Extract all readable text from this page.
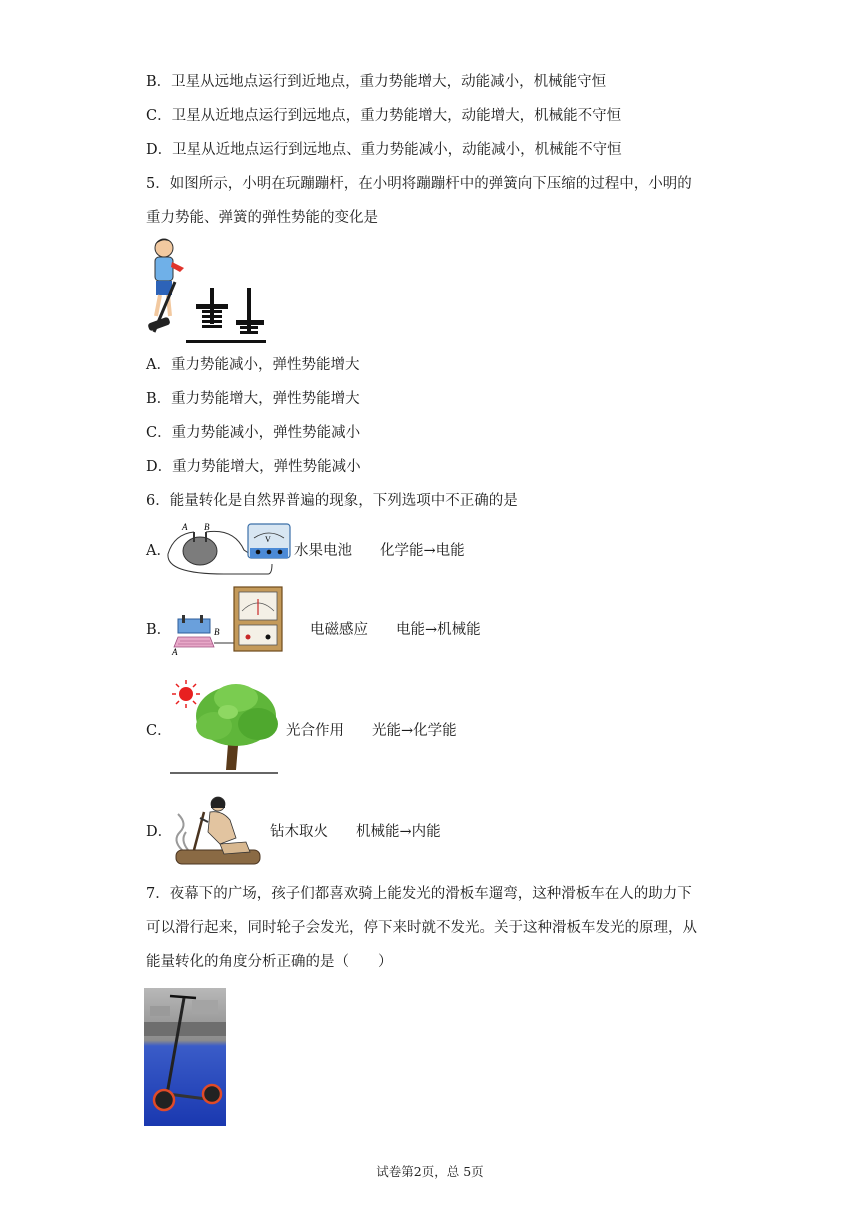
B．卫星从远地点运行到近地点，重力势能增大，动能减小，机械能守恒
C．卫星从近地点运行到远地点，重力势能增大，动能增大，机械能不守恒
D．卫星从近地点运行到远地点、重力势能减小，动能减小，机械能不守恒
5．如图所示，小明在玩蹦蹦杆，在小明将蹦蹦杆中的弹簧向下压缩的过程中，小明的
重力势能、弹簧的弹性势能的变化是
A．重力势能减小，弹性势能增大
B．重力势能增大，弹性势能增大
C．重力势能减小，弹性势能减小
D．重力势能增大，弹性势能减小
6．能量转化是自然界普遍的现象，下列选项中不正确的是
A．
A B
V
水果电池 化学能→电能
B．
A
B	电磁感应 电能→机械能
C．	光合作用 光能→化学能
D．	钻木取火 机械能→内能
7．夜幕下的广场，孩子们都喜欢骑上能发光的滑板车遛弯，这种滑板车在人的助力下
可以滑行起来，同时轮子会发光，停下来时就不发光。关于这种滑板车发光的原理，从
能量转化的角度分析正确的是（　　）
试卷第2页，总 5页
